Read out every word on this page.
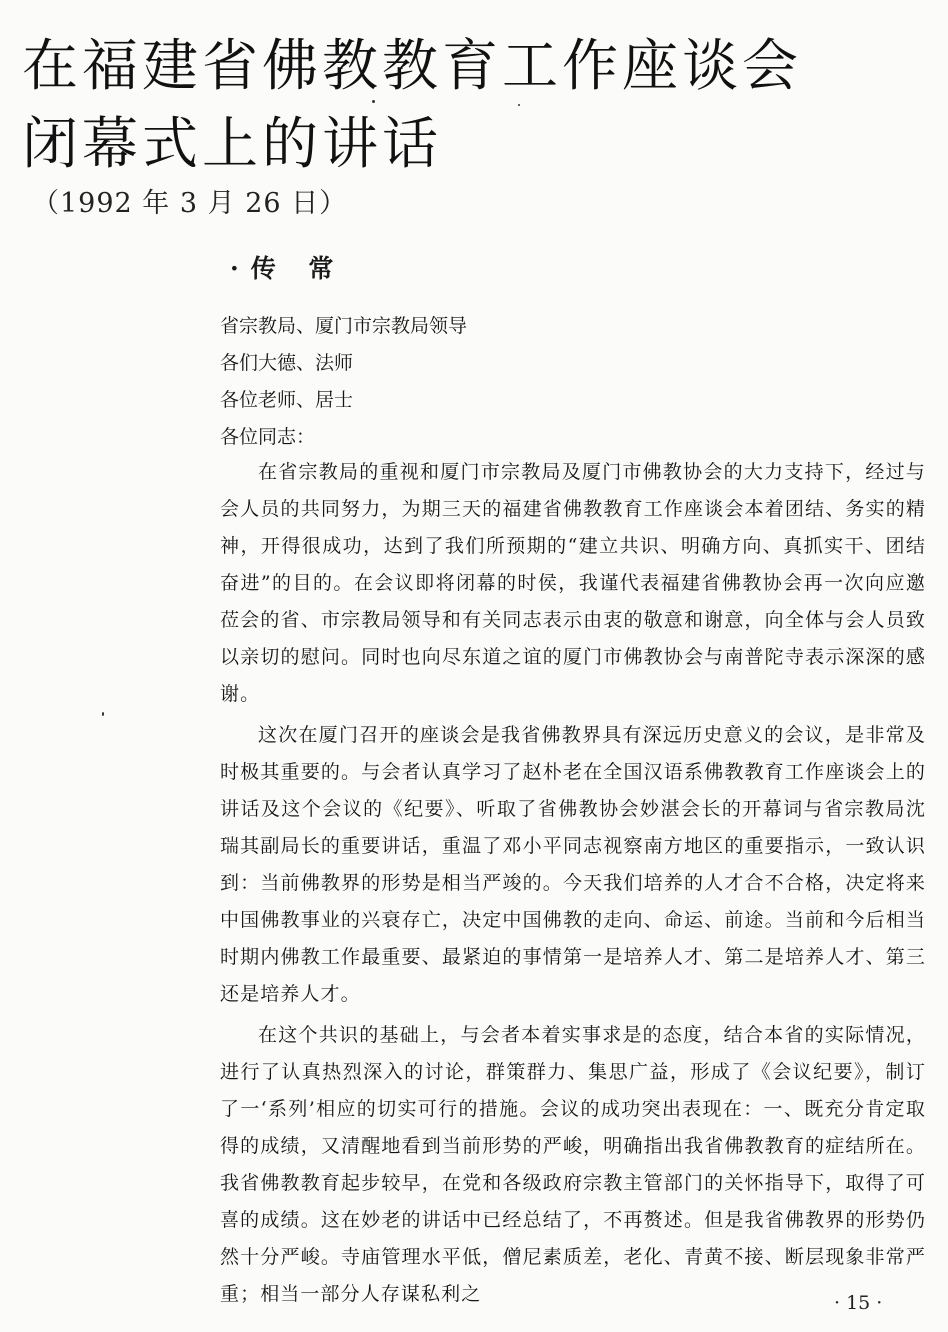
在福建省佛教教育工作座谈会
闭幕式上的讲话
（1992 年 3 月 26 日）
·传 常
省宗教局、厦门市宗教局领导
各们大德、法师
各位老师、居士
各位同志：

在省宗教局的重视和厦门市宗教局及厦门市佛教协会的大力支持下，经过与会人员的共同努力，为期三天的福建省佛教教育工作座谈会本着团结、务实的精神，开得很成功，达到了我们所预期的“建立共识、明确方向、真抓实干、团结奋进”的目的。在会议即将闭幕的时侯，我谨代表福建省佛教协会再一次向应邀莅会的省、市宗教局领导和有关同志表示由衷的敬意和谢意，向全体与会人员致以亲切的慰问。同时也向尽东道之谊的厦门市佛教协会与南普陀寺表示深深的感谢。

这次在厦门召开的座谈会是我省佛教界具有深远历史意义的会议，是非常及时极其重要的。与会者认真学习了赵朴老在全国汉语系佛教教育工作座谈会上的讲话及这个会议的《纪要》、听取了省佛教协会妙湛会长的开幕词与省宗教局沈瑞其副局长的重要讲话，重温了邓小平同志视察南方地区的重要指示，一致认识到：当前佛教界的形势是相当严竣的。今天我们培养的人才合不合格，决定将来中国佛教事业的兴衰存亡，决定中国佛教的走向、命运、前途。当前和今后相当时期内佛教工作最重要、最紧迫的事情第一是培养人才、第二是培养人才、第三还是培养人才。

在这个共识的基础上，与会者本着实事求是的态度，结合本省的实际情况，进行了认真热烈深入的讨论，群策群力、集思广益，形成了《会议纪要》，制订了一‘系列’相应的切实可行的措施。会议的成功突出表现在：一、既充分肯定取得的成绩，又清醒地看到当前形势的严峻，明确指出我省佛教教育的症结所在。我省佛教教育起步较早，在党和各级政府宗教主管部门的关怀指导下，取得了可喜的成绩。这在妙老的讲话中已经总结了，不再赘述。但是我省佛教界的形势仍然十分严峻。寺庙管理水平低，僧尼素质差，老化、青黄不接、断层现象非常严重；相当一部分人存谋私利之	· 15 ·
